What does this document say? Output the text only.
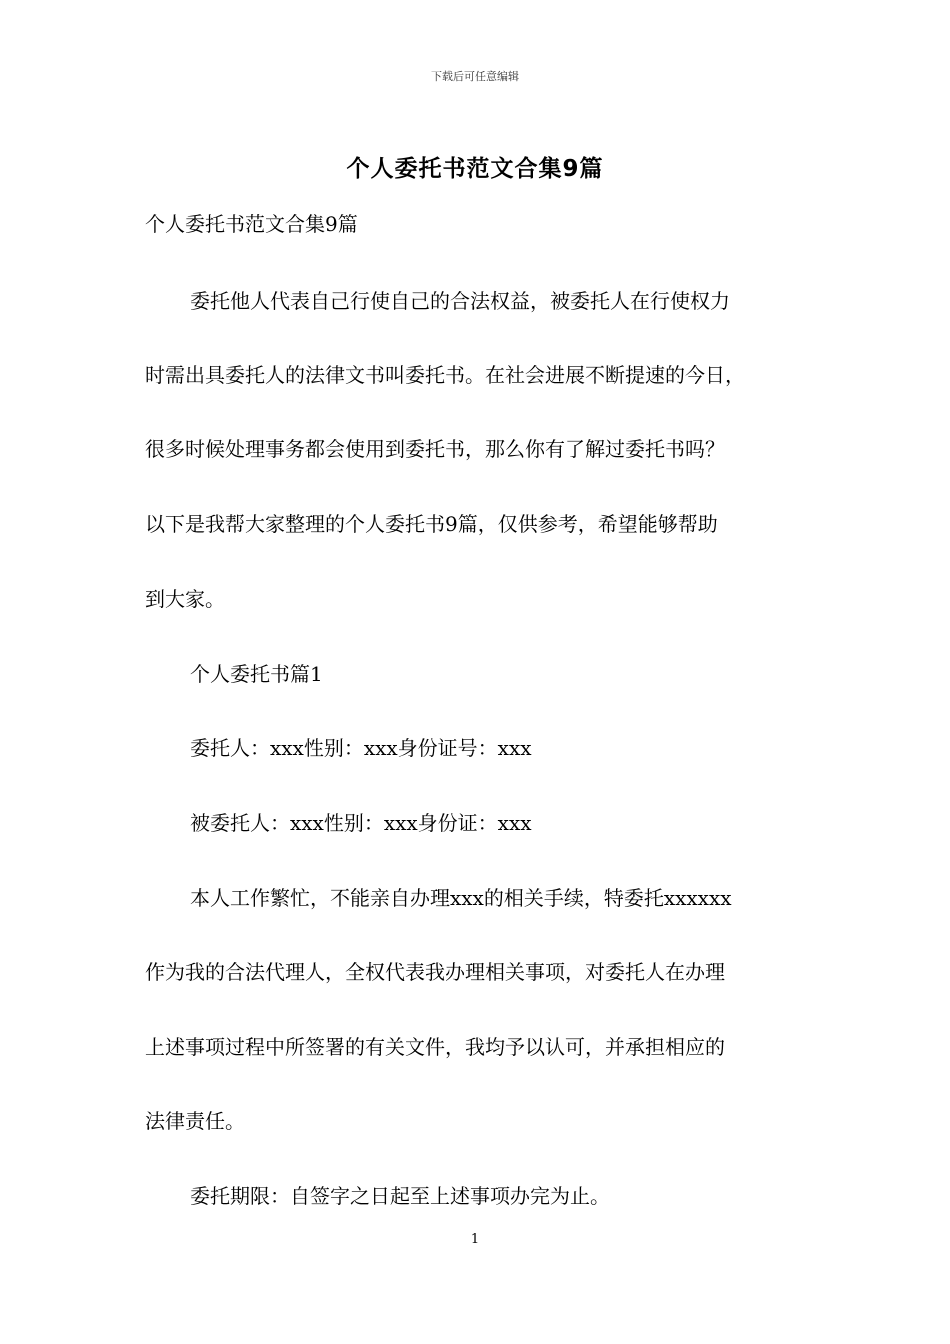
下载后可任意编辑
个人委托书范文合集9篇
个人委托书范文合集9篇
委托他人代表自己行使自己的合法权益，被委托人在行使权力
时需出具委托人的法律文书叫委托书。在社会进展不断提速的今日，
很多时候处理事务都会使用到委托书，那么你有了解过委托书吗？
以下是我帮大家整理的个人委托书9篇，仅供参考，希望能够帮助
到大家。
个人委托书篇1
委托人：xxx性别：xxx身份证号：xxx
被委托人：xxx性别：xxx身份证：xxx
本人工作繁忙，不能亲自办理xxx的相关手续，特委托xxxxxx
作为我的合法代理人，全权代表我办理相关事项，对委托人在办理
上述事项过程中所签署的有关文件，我均予以认可，并承担相应的
法律责任。
委托期限：自签字之日起至上述事项办完为止。
1
